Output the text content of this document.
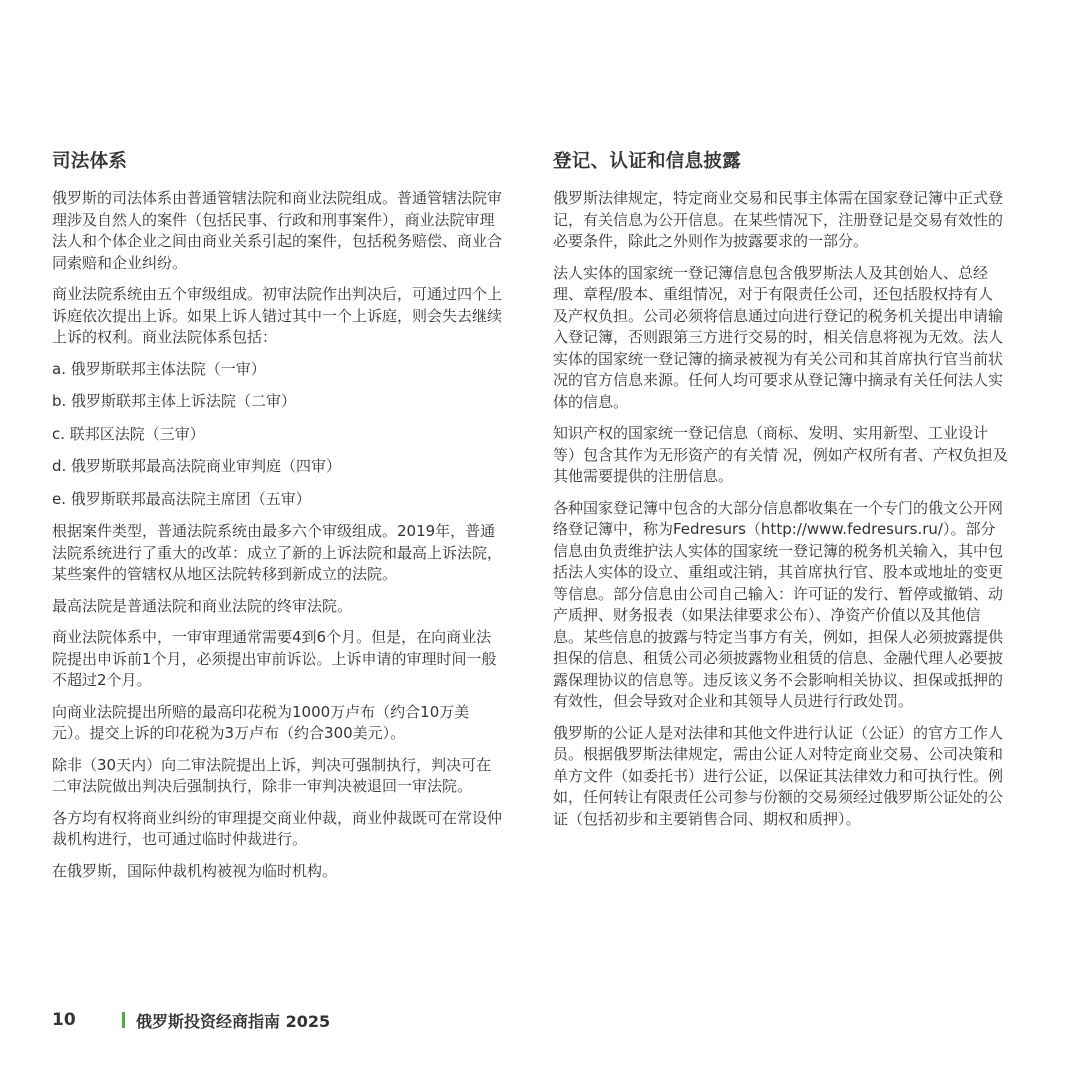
司法体系

俄罗斯的司法体系由普通管辖法院和商业法院组成。普通管辖法院审理涉及自然人的案件（包括民事、行政和刑事案件），商业法院审理法人和个体企业之间由商业关系引起的案件，包括税务赔偿、商业合同索赔和企业纠纷。

商业法院系统由五个审级组成。初审法院作出判决后，可通过四个上诉庭依次提出上诉。如果上诉人错过其中一个上诉庭，则会失去继续上诉的权利。商业法院体系包括：

a. 俄罗斯联邦主体法院（一审）

b. 俄罗斯联邦主体上诉法院（二审）

c. 联邦区法院（三审）

d. 俄罗斯联邦最高法院商业审判庭（四审）

e. 俄罗斯联邦最高法院主席团（五审）

根据案件类型，普通法院系统由最多六个审级组成。2019年，普通法院系统进行了重大的改革：成立了新的上诉法院和最高上诉法院，某些案件的管辖权从地区法院转移到新成立的法院。

最高法院是普通法院和商业法院的终审法院。

商业法院体系中，一审审理通常需要4到6个月。但是，在向商业法院提出申诉前1个月，必须提出审前诉讼。上诉申请的审理时间一般不超过2个月。

向商业法院提出所赔的最高印花税为1000万卢布（约合10万美元）。提交上诉的印花税为3万卢布（约合300美元）。

除非（30天内）向二审法院提出上诉，判决可强制执行，判决可在二审法院做出判决后强制执行，除非一审判决被退回一审法院。

各方均有权将商业纠纷的审理提交商业仲裁，商业仲裁既可在常设仲裁机构进行，也可通过临时仲裁进行。

在俄罗斯，国际仲裁机构被视为临时机构。

登记、认证和信息披露

俄罗斯法律规定，特定商业交易和民事主体需在国家登记簿中正式登记，有关信息为公开信息。在某些情况下，注册登记是交易有效性的必要条件，除此之外则作为披露要求的一部分。

法人实体的国家统一登记簿信息包含俄罗斯法人及其创始人、总经理、章程/股本、重组情况，对于有限责任公司，还包括股权持有人及产权负担。公司必须将信息通过向进行登记的税务机关提出申请输入登记簿，否则跟第三方进行交易的时，相关信息将视为无效。法人实体的国家统一登记簿的摘录被视为有关公司和其首席执行官当前状况的官方信息来源。任何人均可要求从登记簿中摘录有关任何法人实体的信息。

知识产权的国家统一登记信息（商标、发明、实用新型、工业设计等）包含其作为无形资产的有关情 况，例如产权所有者、产权负担及其他需要提供的注册信息。

各种国家登记簿中包含的大部分信息都收集在一个专门的俄文公开网络登记簿中，称为Fedresurs（http://www.fedresurs.ru/）。部分信息由负责维护法人实体的国家统一登记簿的税务机关输入，其中包括法人实体的设立、重组或注销，其首席执行官、股本或地址的变更等信息。部分信息由公司自己输入：许可证的发行、暂停或撤销、动产质押、财务报表（如果法律要求公布）、净资产价值以及其他信息。某些信息的披露与特定当事方有关，例如，担保人必须披露提供担保的信息、租赁公司必须披露物业租赁的信息、金融代理人必要披露保理协议的信息等。违反该义务不会影响相关协议、担保或抵押的有效性，但会导致对企业和其领导人员进行行政处罚。

俄罗斯的公证人是对法律和其他文件进行认证（公证）的官方工作人员。根据俄罗斯法律规定，需由公证人对特定商业交易、公司决策和单方文件（如委托书）进行公证，以保证其法律效力和可执行性。例如，任何转让有限责任公司参与份额的交易须经过俄罗斯公证处的公证（包括初步和主要销售合同、期权和质押）。

10	俄罗斯投资经商指南 2025
